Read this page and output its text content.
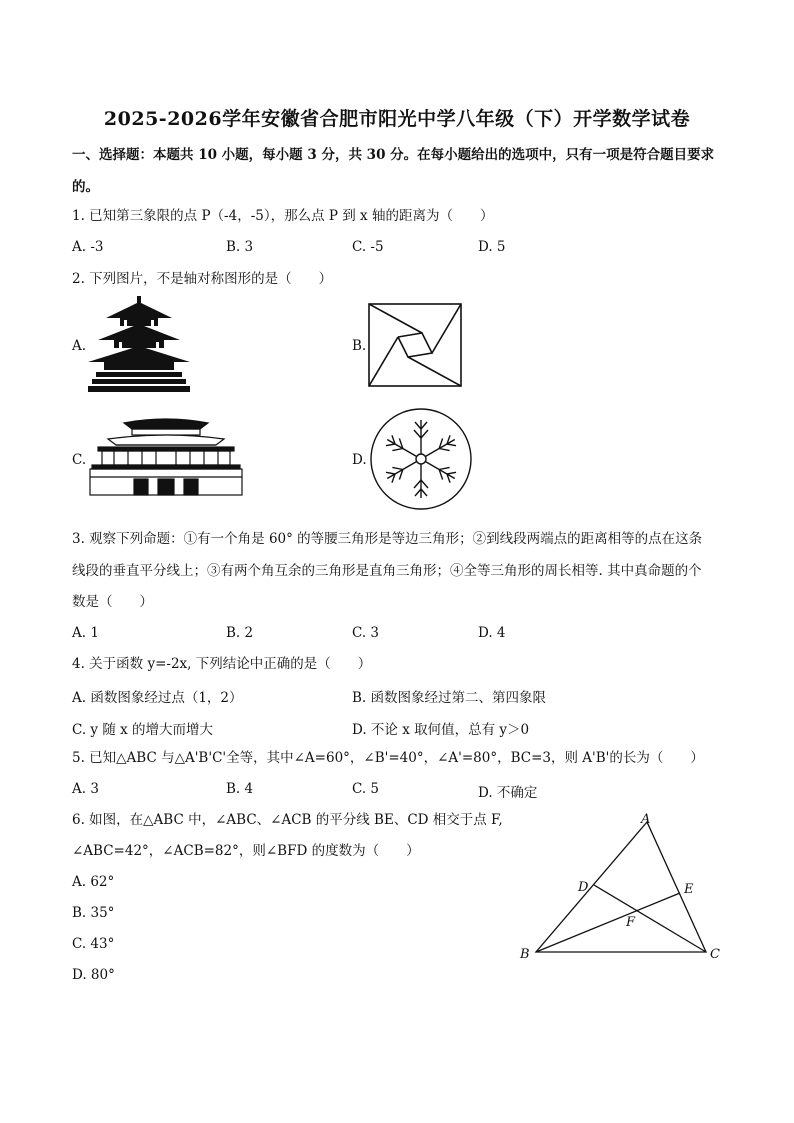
2025-2026学年安徽省合肥市阳光中学八年级（下）开学数学试卷
一、选择题：本题共 10 小题，每小题 3 分，共 30 分。在每小题给出的选项中，只有一项是符合题目要求
的。
1. 已知第三象限的点 P（-4，-5），那么点 P 到 x 轴的距离为（　　）
A. -3	B. 3	C. -5	D. 5
2. 下列图片，不是轴对称图形的是（　　）
A.	B.
C.	D.
3. 观察下列命题：①有一个角是 60° 的等腰三角形是等边三角形；②到线段两端点的距离相等的点在这条
线段的垂直平分线上；③有两个角互余的三角形是直角三角形；④全等三角形的周长相等. 其中真命题的个
数是（　　）
A. 1	B. 2	C. 3	D. 4
4. 关于函数 y=-2x, 下列结论中正确的是（　　）
A. 函数图象经过点（1，2）	B. 函数图象经过第二、第四象限
C. y 随 x 的增大而增大	D. 不论 x 取何值，总有 y＞0
5. 已知△ABC 与△A'B'C'全等，其中∠A=60°，∠B'=40°，∠A'=80°，BC=3，则 A'B'的长为（　　）
A. 3	B. 4	C. 5	D. 不确定
6. 如图，在△ABC 中，∠ABC、∠ACB 的平分线 BE、CD 相交于点 F,
∠ABC=42°，∠ACB=82°，则∠BFD 的度数为（　　）
A. 62°
B. 35°
C. 43°
D. 80°
A
B	C
D	E
F
